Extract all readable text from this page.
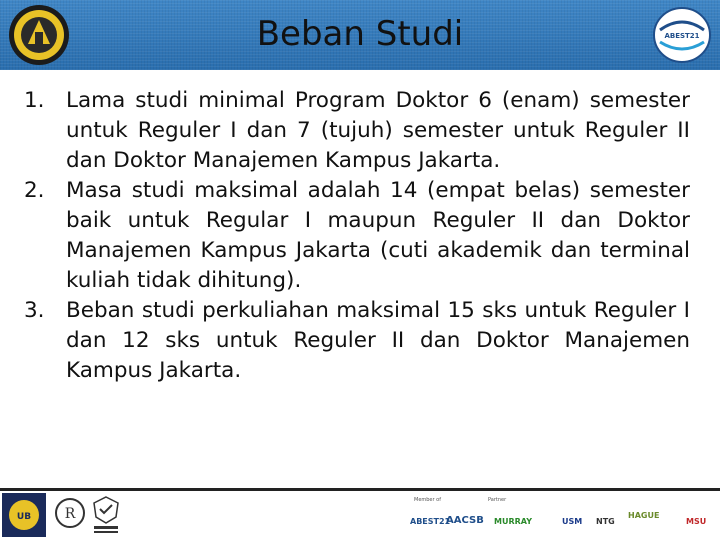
Beban Studi	ABEST21
1. Lama studi minimal Program Doktor 6 (enam) semester untuk Reguler I dan 7 (tujuh) semester untuk Reguler II dan Doktor Manajemen Kampus Jakarta.
2. Masa studi maksimal adalah 14 (empat belas) semester baik untuk Regular I maupun Reguler II dan Doktor Manajemen Kampus Jakarta (cuti akademik dan terminal kuliah tidak dihitung).
3. Beban studi perkuliahan maksimal 15 sks untuk Reguler I dan 12 sks untuk Reguler II dan Doktor Manajemen Kampus Jakarta.
UB R
Member of	Partner
ABEST21
AACSB MURRAY	USM NTG
HAGUE
MSU
